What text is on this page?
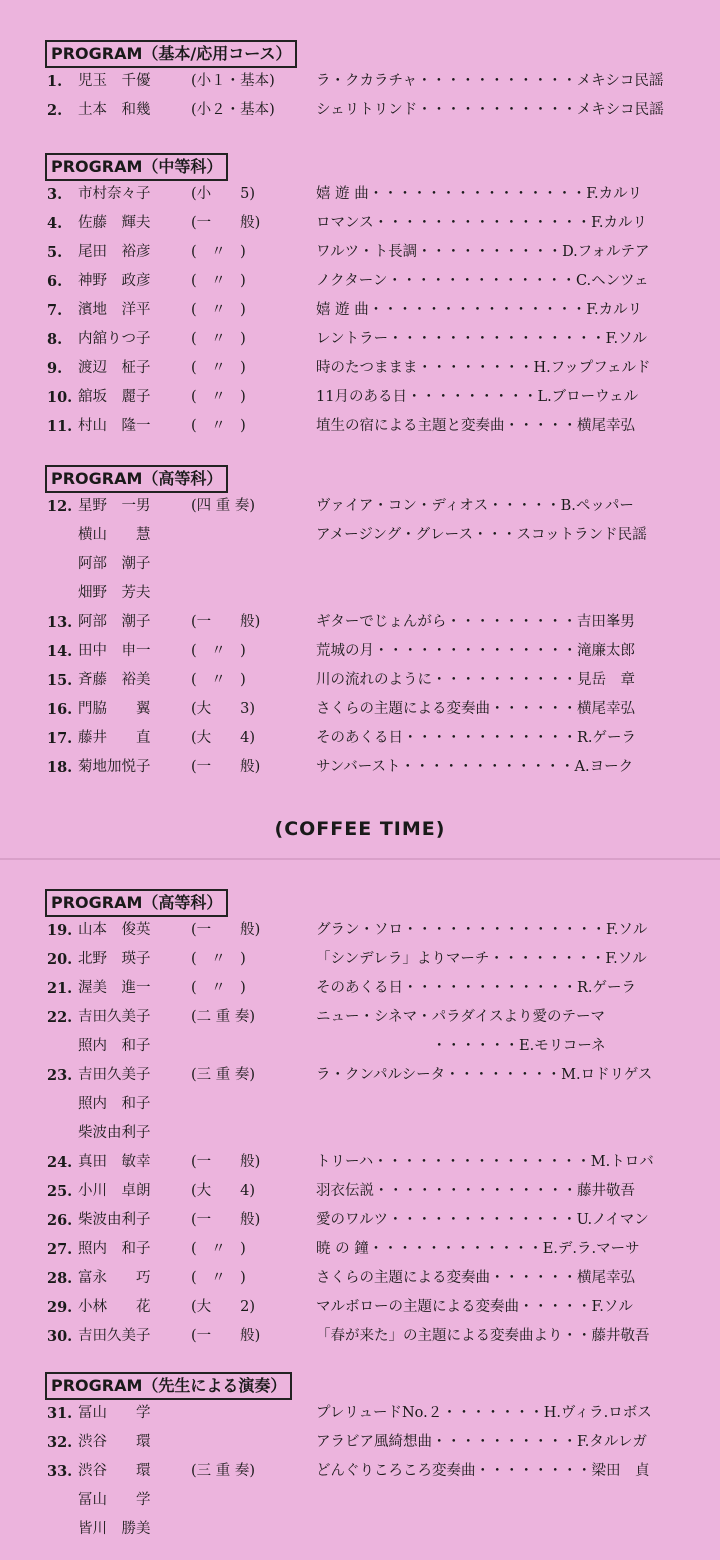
PROGRAM（基本/応用コース）
1.	児玉　千優	(小１・基本)	ラ・クカラチャ・・・・・・・・・・・メキシコ民謡
2.	土本　和幾	(小２・基本)	シェリトリンド・・・・・・・・・・・メキシコ民謡
PROGRAM（中等科）
3.	市村奈々子	(小　　5)	嬉 遊 曲・・・・・・・・・・・・・・・F.カルリ
4.	佐藤　輝夫	(一　　般)	ロマンス・・・・・・・・・・・・・・・F.カルリ
5.	尾田　裕彦	(　〃　)	ワルツ・ト長調・・・・・・・・・・D.フォルテア
6.	神野　政彦	(　〃　)	ノクターン・・・・・・・・・・・・・C.ヘンツェ
7.	濱地　洋平	(　〃　)	嬉 遊 曲・・・・・・・・・・・・・・・F.カルリ
8.	内舘りつ子	(　〃　)	レントラー・・・・・・・・・・・・・・・F.ソル
9.	渡辺　柾子	(　〃　)	時のたつままま・・・・・・・・H.フップフェルド
10. 舘坂　麗子	(　〃　)	11月のある日・・・・・・・・・L.ブローウェル
11. 村山　隆一	(　〃　)	埴生の宿による主題と変奏曲・・・・・横尾幸弘
PROGRAM（高等科）
12. 星野　一男	(四 重 奏)	ヴァイア・コン・ディオス・・・・・B.ペッパー
横山　　慧	アメージング・グレース・・・スコットランド民謡
阿部　潮子
畑野　芳夫
13. 阿部　潮子	(一　　般)	ギターでじょんがら・・・・・・・・・吉田峯男
14. 田中　申一	(　〃　)	荒城の月・・・・・・・・・・・・・・滝廉太郎
15. 斉藤　裕美	(　〃　)	川の流れのように・・・・・・・・・・見岳　章
16. 門脇　　翼	(大　　3)	さくらの主題による変奏曲・・・・・・横尾幸弘
17. 藤井　　直	(大　　4)	そのあくる日・・・・・・・・・・・・R.ゲーラ
18. 菊地加悦子	(一　　般)	サンバースト・・・・・・・・・・・・A.ヨーク
(COFFEE TIME)
PROGRAM（高等科）
19. 山本　俊英	(一　　般)	グラン・ソロ・・・・・・・・・・・・・・F.ソル
20. 北野　瑛子	(　〃　)	「シンデレラ」よりマーチ・・・・・・・・F.ソル
21. 渥美　進一	(　〃　)	そのあくる日・・・・・・・・・・・・R.ゲーラ
22. 吉田久美子	(二 重 奏)	ニュー・シネマ・パラダイスより愛のテーマ
照内　和子	　　　　　　　　・・・・・・E.モリコーネ
23. 吉田久美子	(三 重 奏)	ラ・クンパルシータ・・・・・・・・M.ロドリゲス
照内　和子
柴波由利子
24. 真田　敏幸	(一　　般)	トリーハ・・・・・・・・・・・・・・・M.トロバ
25. 小川　卓朗	(大　　4)	羽衣伝説・・・・・・・・・・・・・・藤井敬吾
26. 柴波由利子	(一　　般)	愛のワルツ・・・・・・・・・・・・・U.ノイマン
27. 照内　和子	(　〃　)	暁 の 鐘・・・・・・・・・・・・E.デ.ラ.マーサ
28. 富永　　巧	(　〃　)	さくらの主題による変奏曲・・・・・・横尾幸弘
29. 小林　　花	(大　　2)	マルボローの主題による変奏曲・・・・・F.ソル
30. 吉田久美子	(一　　般)	「春が来た」の主題による変奏曲より・・藤井敬吾
PROGRAM（先生による演奏）
31. 冨山　　学	プレリュードNo.２・・・・・・・H.ヴィラ.ロボス
32. 渋谷　　環	アラビア風綺想曲・・・・・・・・・・F.タルレガ
33. 渋谷　　環	(三 重 奏)	どんぐりころころ変奏曲・・・・・・・・梁田　貞
冨山　　学
皆川　勝美
